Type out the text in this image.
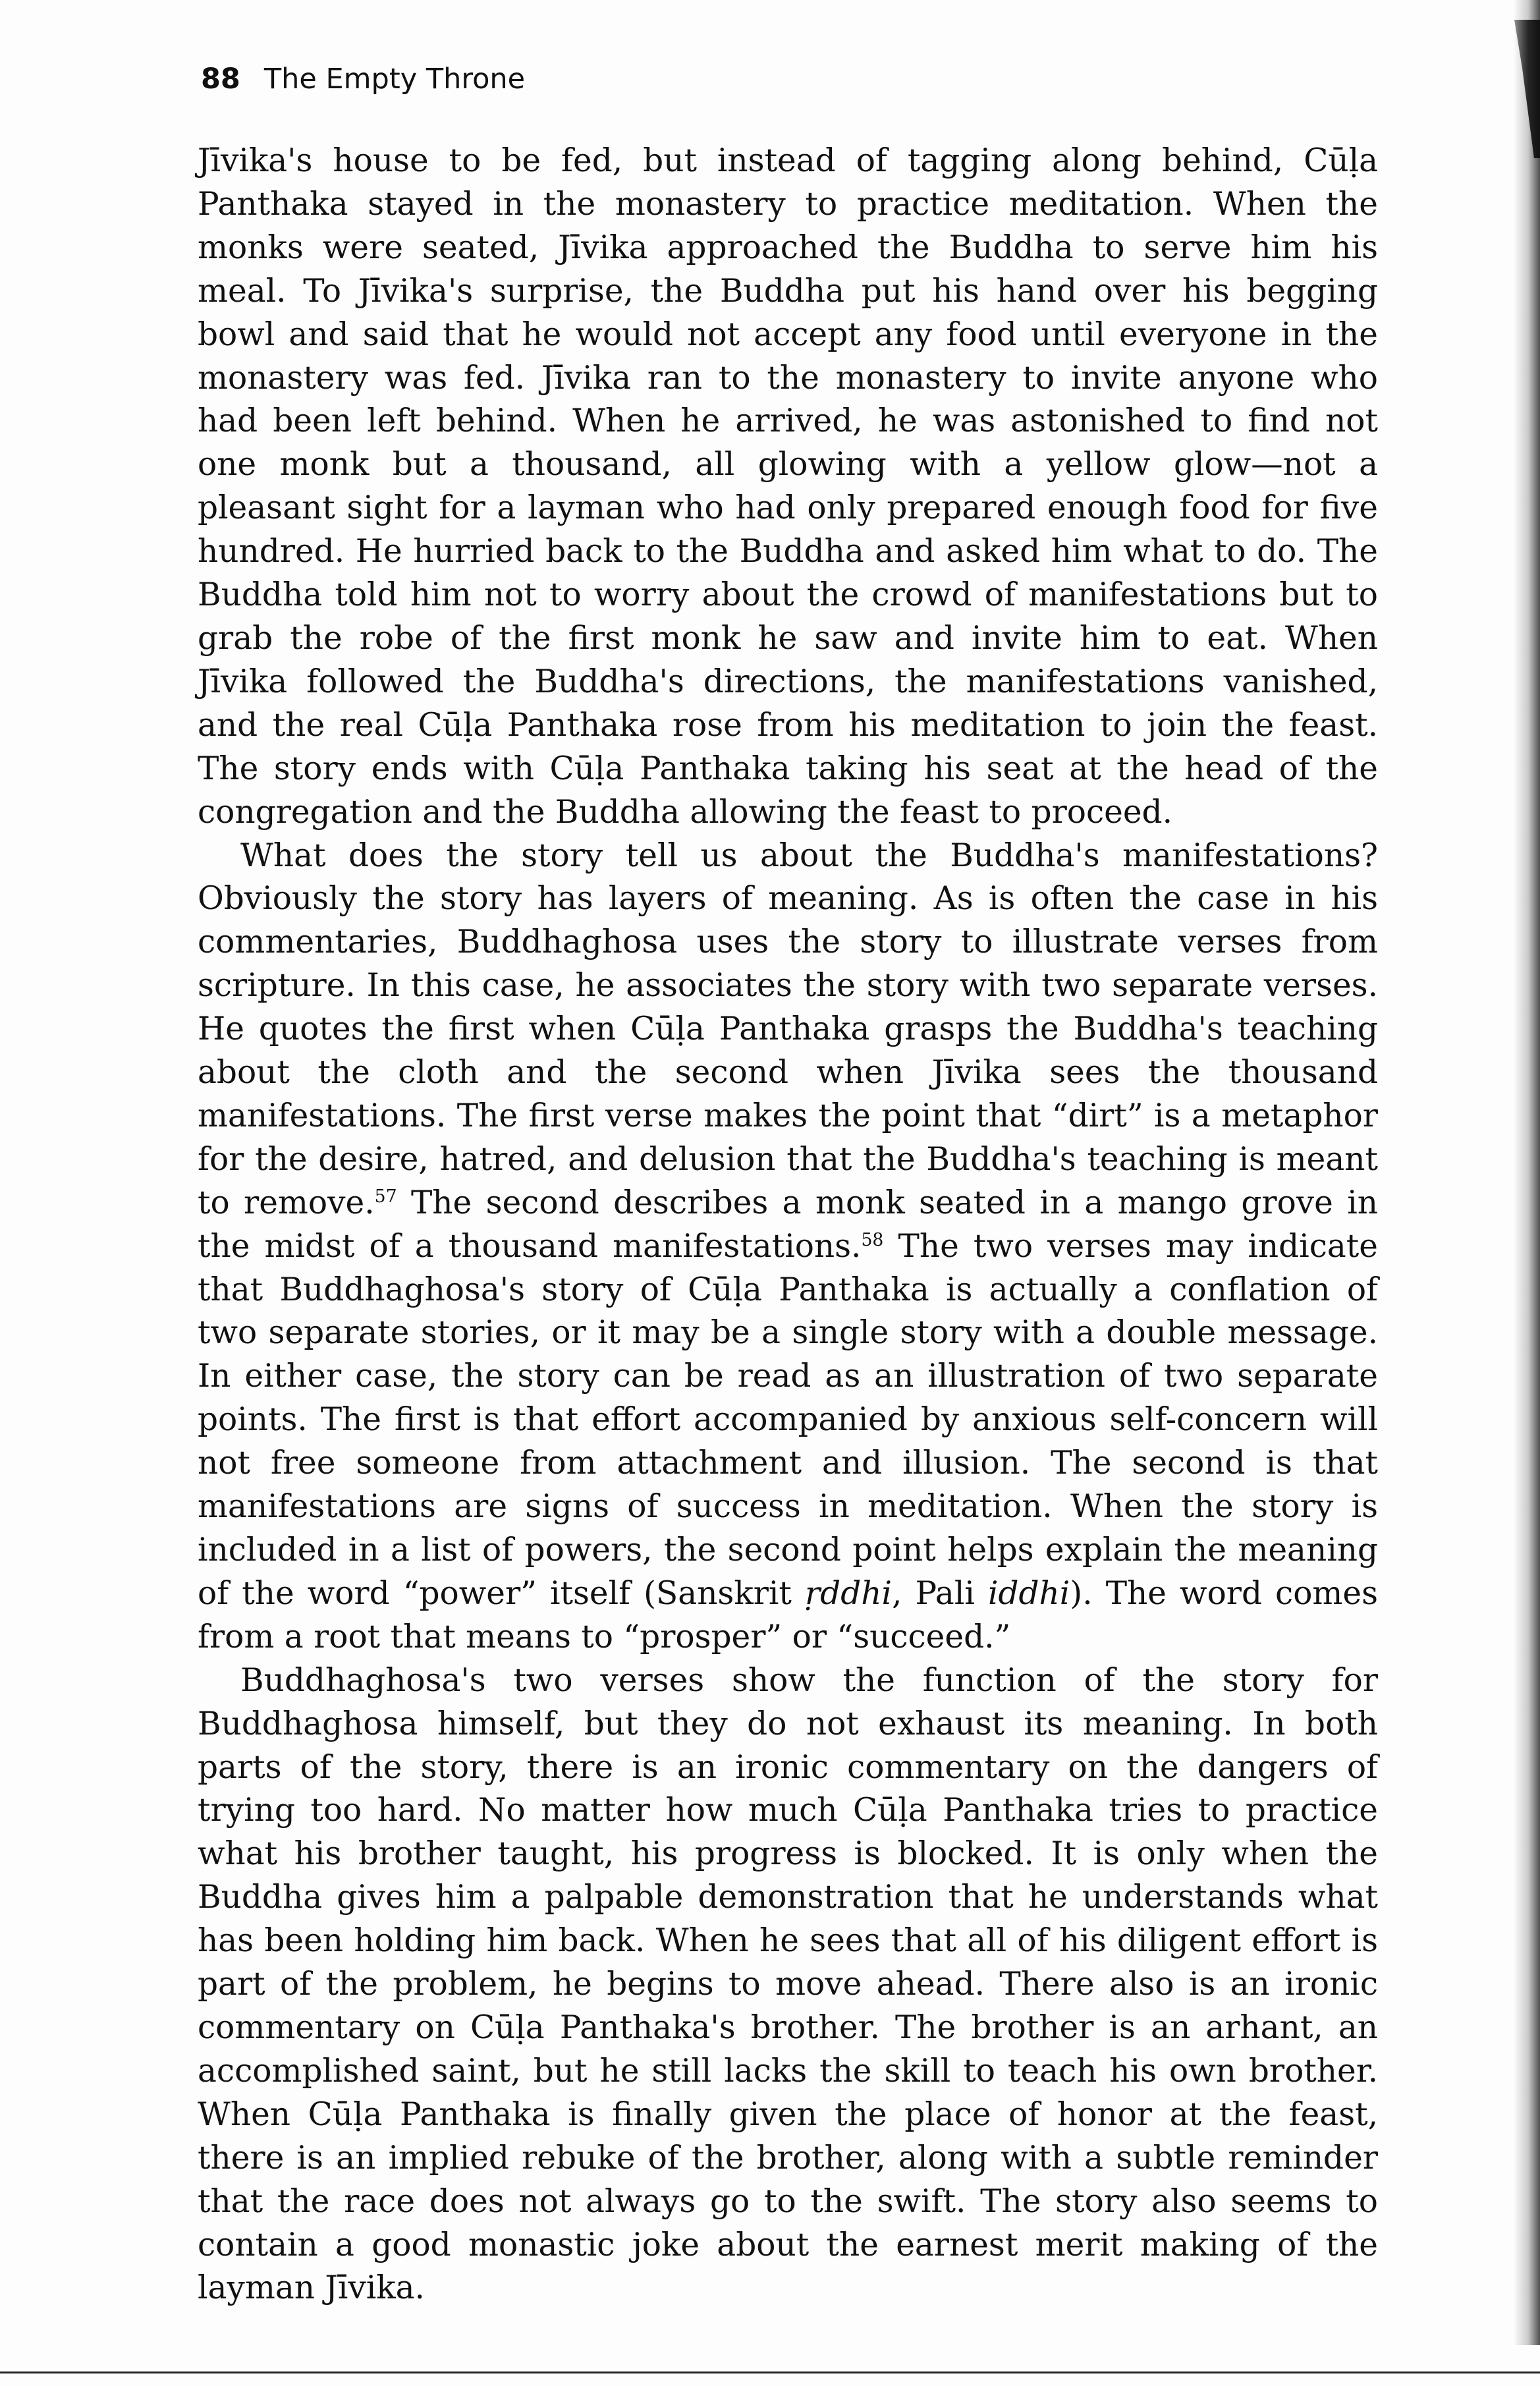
88 The Empty Throne

Jīvika's house to be fed, but instead of tagging along behind, Cūḷa Panthaka stayed in the monastery to practice meditation. When the monks were seated, Jīvika approached the Buddha to serve him his meal. To Jīvika's surprise, the Buddha put his hand over his begging bowl and said that he would not accept any food until everyone in the monastery was fed. Jīvika ran to the monastery to invite anyone who had been left behind. When he arrived, he was astonished to find not one monk but a thousand, all glowing with a yellow glow—not a pleasant sight for a layman who had only prepared enough food for five hundred. He hurried back to the Buddha and asked him what to do. The Buddha told him not to worry about the crowd of manifestations but to grab the robe of the first monk he saw and invite him to eat. When Jīvika followed the Buddha's directions, the manifestations vanished, and the real Cūḷa Panthaka rose from his meditation to join the feast. The story ends with Cūḷa Panthaka taking his seat at the head of the congregation and the Buddha allowing the feast to proceed.

What does the story tell us about the Buddha's manifestations? Obviously the story has layers of meaning. As is often the case in his commentaries, Buddhaghosa uses the story to illustrate verses from scripture. In this case, he associates the story with two separate verses. He quotes the first when Cūḷa Panthaka grasps the Buddha's teaching about the cloth and the second when Jīvika sees the thousand manifestations. The first verse makes the point that “dirt” is a metaphor for the desire, hatred, and delusion that the Buddha's teaching is meant to remove.$^{57}$ The second describes a monk seated in a mango grove in the midst of a thousand manifestations.$^{58}$ The two verses may indicate that Buddhaghosa's story of Cūḷa Panthaka is actually a conflation of two separate stories, or it may be a single story with a double message. In either case, the story can be read as an illustration of two separate points. The first is that effort accompanied by anxious self-concern will not free someone from attachment and illusion. The second is that manifestations are signs of success in meditation. When the story is included in a list of powers, the second point helps explain the meaning of the word “power” itself (Sanskrit ṛddhi, Pali iddhi). The word comes from a root that means to “prosper” or “succeed.”

Buddhaghosa's two verses show the function of the story for Buddhaghosa himself, but they do not exhaust its meaning. In both parts of the story, there is an ironic commentary on the dangers of trying too hard. No matter how much Cūḷa Panthaka tries to practice what his brother taught, his progress is blocked. It is only when the Buddha gives him a palpable demonstration that he understands what has been holding him back. When he sees that all of his diligent effort is part of the problem, he begins to move ahead. There also is an ironic commentary on Cūḷa Panthaka's brother. The brother is an arhant, an accomplished saint, but he still lacks the skill to teach his own brother. When Cūḷa Panthaka is finally given the place of honor at the feast, there is an implied rebuke of the brother, along with a subtle reminder that the race does not always go to the swift. The story also seems to contain a good monastic joke about the earnest merit making of the layman Jīvika.
